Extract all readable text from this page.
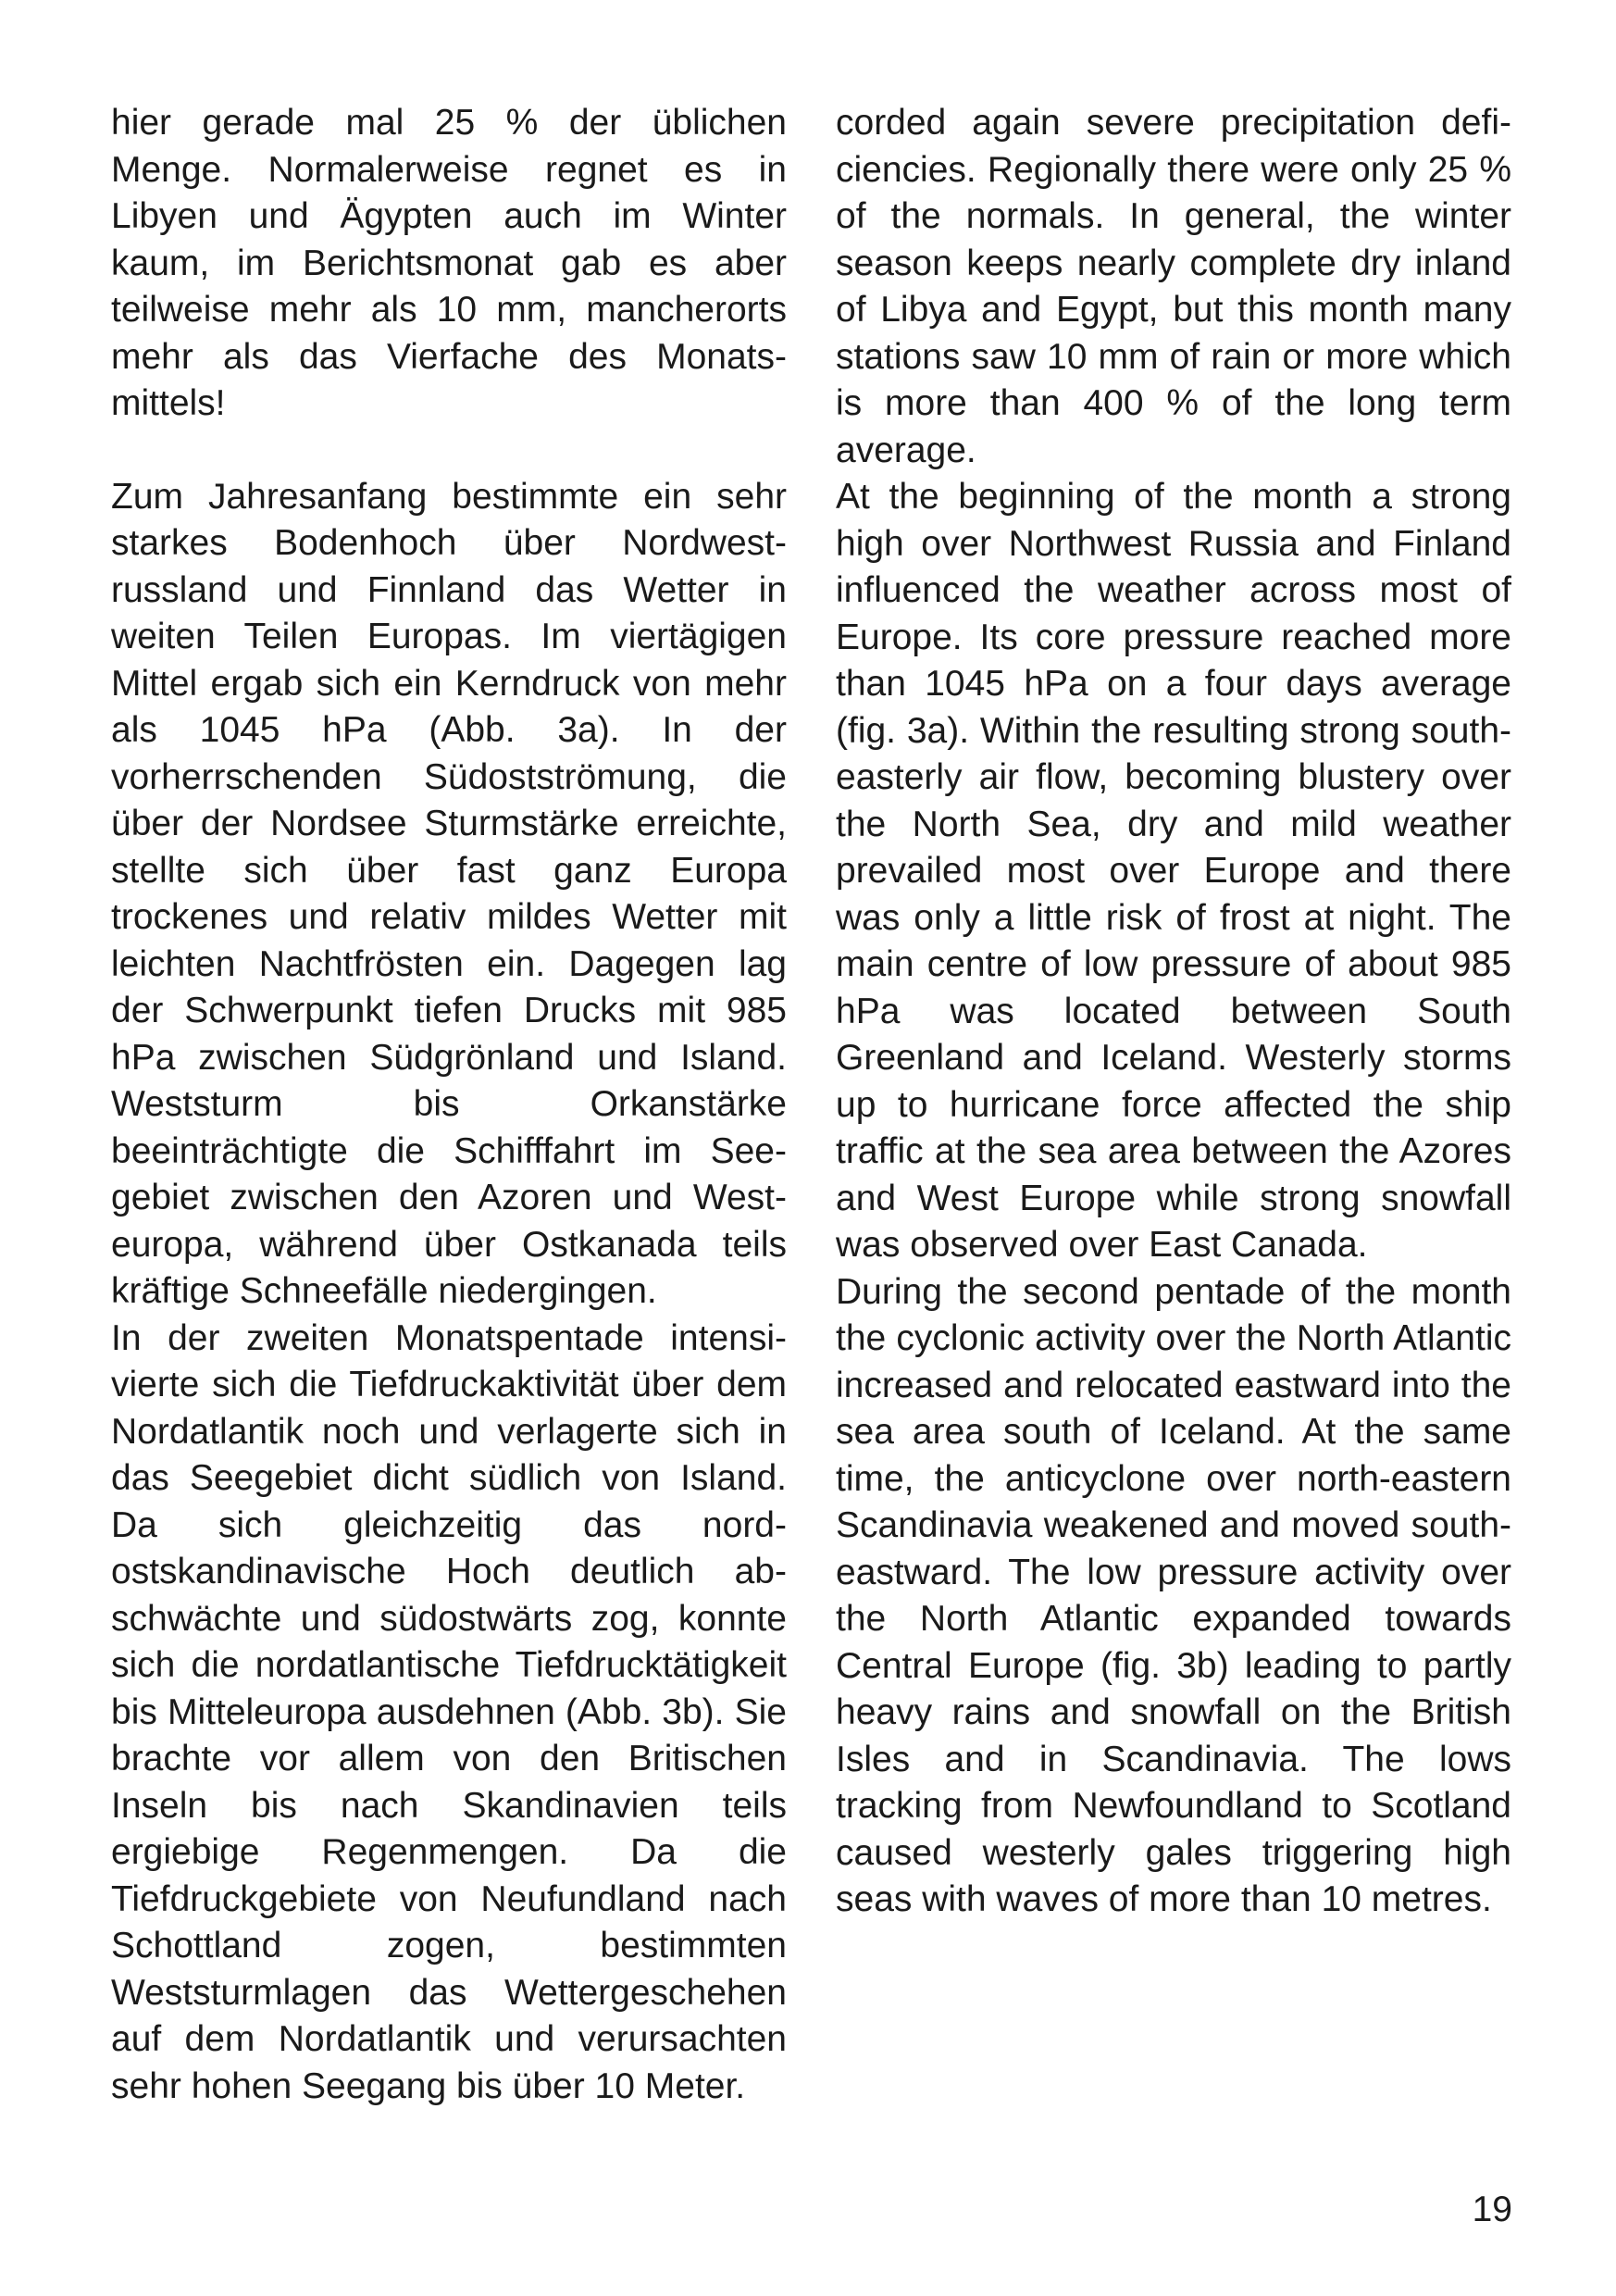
hier gerade mal 25 % der üblichen Menge. Normalerweise regnet es in Libyen und Ägypten auch im Winter kaum, im Berichtsmonat gab es aber teilweise mehr als 10 mm, mancherorts mehr als das Vierfache des Monatsmittels!

Zum Jahresanfang bestimmte ein sehr starkes Bodenhoch über Nordwestrussland und Finnland das Wetter in weiten Teilen Europas. Im viertägigen Mittel ergab sich ein Kerndruck von mehr als 1045 hPa (Abb. 3a). In der vorherrschenden Südostströmung, die über der Nordsee Sturmstärke erreichte, stellte sich über fast ganz Europa trockenes und relativ mildes Wetter mit leichten Nachtfrösten ein. Dagegen lag der Schwerpunkt tiefen Drucks mit 985 hPa zwischen Südgrönland und Island. Weststurm bis Orkanstärke beeinträchtigte die Schifffahrt im Seegebiet zwischen den Azoren und Westeuropa, während über Ostkanada teils kräftige Schneefälle niedergingen.

In der zweiten Monatspentade intensivierte sich die Tiefdruckaktivität über dem Nordatlantik noch und verlagerte sich in das Seegebiet dicht südlich von Island. Da sich gleichzeitig das nordostskandinavische Hoch deutlich abschwächte und südostwärts zog, konnte sich die nordatlantische Tiefdrucktätigkeit bis Mitteleuropa ausdehnen (Abb. 3b). Sie brachte vor allem von den Britischen Inseln bis nach Skandinavien teils ergiebige Regenmengen. Da die Tiefdruckgebiete von Neufundland nach Schottland zogen, bestimmten Weststurmlagen das Wettergeschehen auf dem Nordatlantik und verursachten sehr hohen Seegang bis über 10 Meter.

corded again severe precipitation deficiencies. Regionally there were only 25 % of the normals. In general, the winter season keeps nearly complete dry inland of Libya and Egypt, but this month many stations saw 10 mm of rain or more which is more than 400 % of the long term average.

At the beginning of the month a strong high over Northwest Russia and Finland influenced the weather across most of Europe. Its core pressure reached more than 1045 hPa on a four days average (fig. 3a). Within the resulting strong south-easterly air flow, becoming blustery over the North Sea, dry and mild weather prevailed most over Europe and there was only a little risk of frost at night. The main centre of low pressure of about 985 hPa was located between South Greenland and Iceland. Westerly storms up to hurricane force affected the ship traffic at the sea area between the Azores and West Europe while strong snowfall was observed over East Canada.

During the second pentade of the month the cyclonic activity over the North Atlantic increased and relocated eastward into the sea area south of Iceland. At the same time, the anticyclone over north-eastern Scandinavia weakened and moved south-eastward. The low pressure activity over the North Atlantic expanded towards Central Europe (fig. 3b) leading to partly heavy rains and snowfall on the British Isles and in Scandinavia. The lows tracking from Newfoundland to Scotland caused westerly gales triggering high seas with waves of more than 10 metres.

19
